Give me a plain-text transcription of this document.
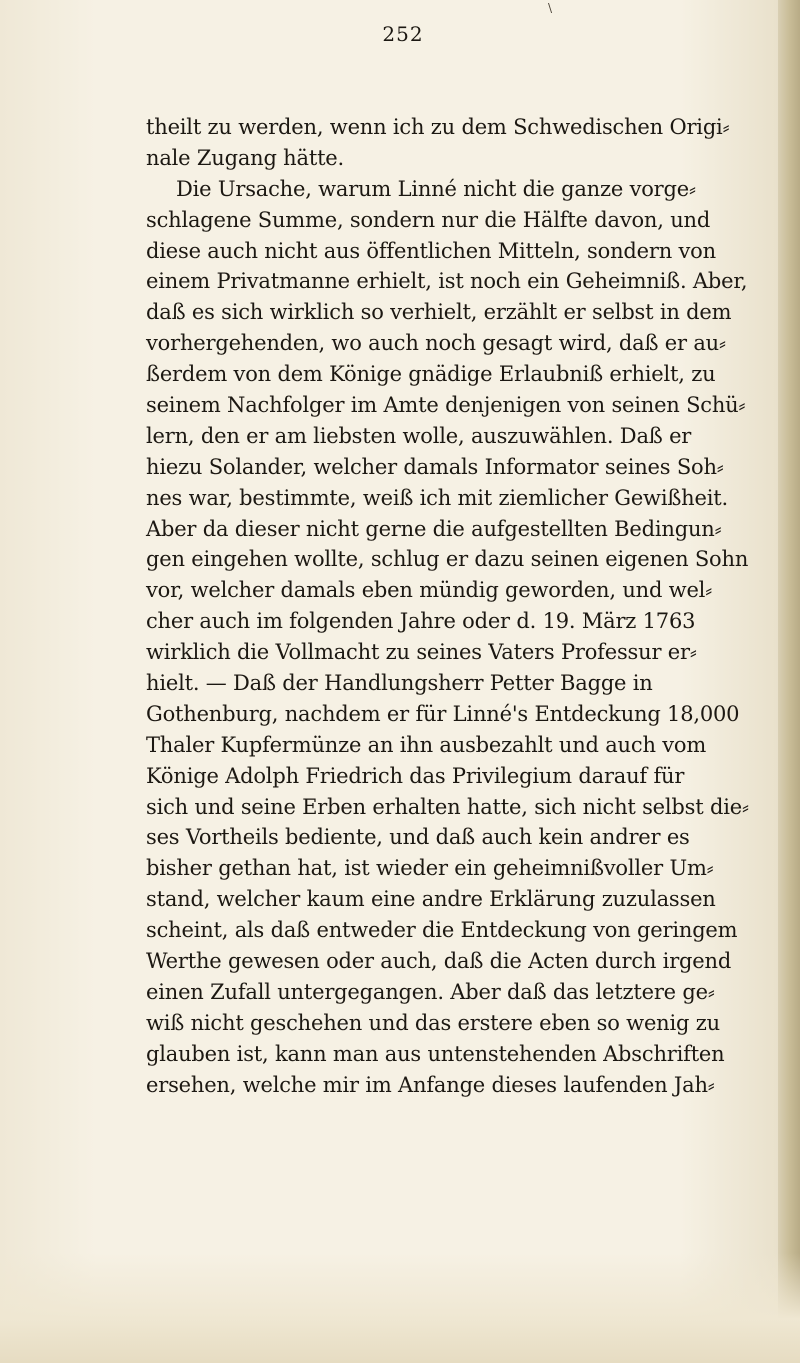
\
252
theilt zu werden, wenn ich zu dem Schwedischen Origi⸗
nale Zugang hätte.
Die Ursache, warum Linné nicht die ganze vorge⸗
schlagene Summe, sondern nur die Hälfte davon, und
diese auch nicht aus öffentlichen Mitteln, sondern von
einem Privatmanne erhielt, ist noch ein Geheimniß. Aber,
daß es sich wirklich so verhielt, erzählt er selbst in dem
vorhergehenden, wo auch noch gesagt wird, daß er au⸗
ßerdem von dem Könige gnädige Erlaubniß erhielt, zu
seinem Nachfolger im Amte denjenigen von seinen Schü⸗
lern, den er am liebsten wolle, auszuwählen. Daß er
hiezu Solander, welcher damals Informator seines Soh⸗
nes war, bestimmte, weiß ich mit ziemlicher Gewißheit.
Aber da dieser nicht gerne die aufgestellten Bedingun⸗
gen eingehen wollte, schlug er dazu seinen eigenen Sohn
vor, welcher damals eben mündig geworden, und wel⸗
cher auch im folgenden Jahre oder d. 19. März 1763
wirklich die Vollmacht zu seines Vaters Professur er⸗
hielt. — Daß der Handlungsherr Petter Bagge in
Gothenburg, nachdem er für Linné's Entdeckung 18,000
Thaler Kupfermünze an ihn ausbezahlt und auch vom
Könige Adolph Friedrich das Privilegium darauf für
sich und seine Erben erhalten hatte, sich nicht selbst die⸗
ses Vortheils bediente, und daß auch kein andrer es
bisher gethan hat, ist wieder ein geheimnißvoller Um⸗
stand, welcher kaum eine andre Erklärung zuzulassen
scheint, als daß entweder die Entdeckung von geringem
Werthe gewesen oder auch, daß die Acten durch irgend
einen Zufall untergegangen. Aber daß das letztere ge⸗
wiß nicht geschehen und das erstere eben so wenig zu
glauben ist, kann man aus untenstehenden Abschriften
ersehen, welche mir im Anfange dieses laufenden Jah⸗
